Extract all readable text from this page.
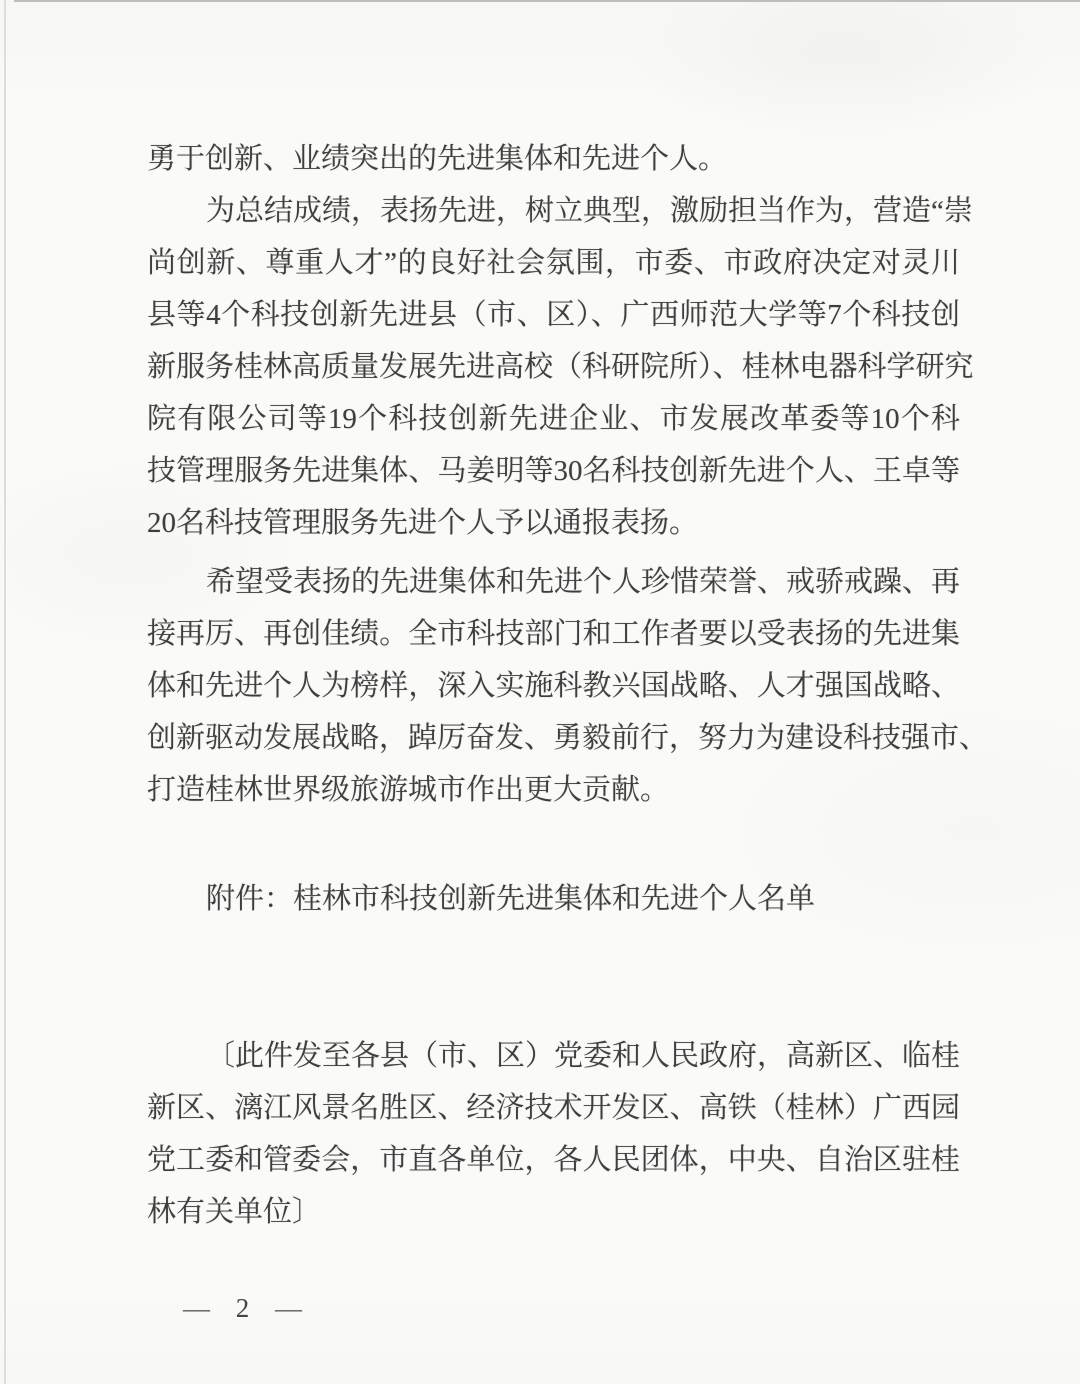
勇于创新、业绩突出的先进集体和先进个人。

为总结成绩，表扬先进，树立典型，激励担当作为，营造“崇

尚创新、尊重人才”的良好社会氛围，市委、市政府决定对灵川

县等4个科技创新先进县（市、区）、广西师范大学等7个科技创

新服务桂林高质量发展先进高校（科研院所）、桂林电器科学研究

院有限公司等19个科技创新先进企业、市发展改革委等10个科

技管理服务先进集体、马姜明等30名科技创新先进个人、王卓等

20名科技管理服务先进个人予以通报表扬。

希望受表扬的先进集体和先进个人珍惜荣誉、戒骄戒躁、再

接再厉、再创佳绩。全市科技部门和工作者要以受表扬的先进集

体和先进个人为榜样，深入实施科教兴国战略、人才强国战略、

创新驱动发展战略，踔厉奋发、勇毅前行，努力为建设科技强市、

打造桂林世界级旅游城市作出更大贡献。

附件：桂林市科技创新先进集体和先进个人名单

〔此件发至各县（市、区）党委和人民政府，高新区、临桂

新区、漓江风景名胜区、经济技术开发区、高铁（桂林）广西园

党工委和管委会，市直各单位，各人民团体，中央、自治区驻桂

林有关单位〕

— 2 —
